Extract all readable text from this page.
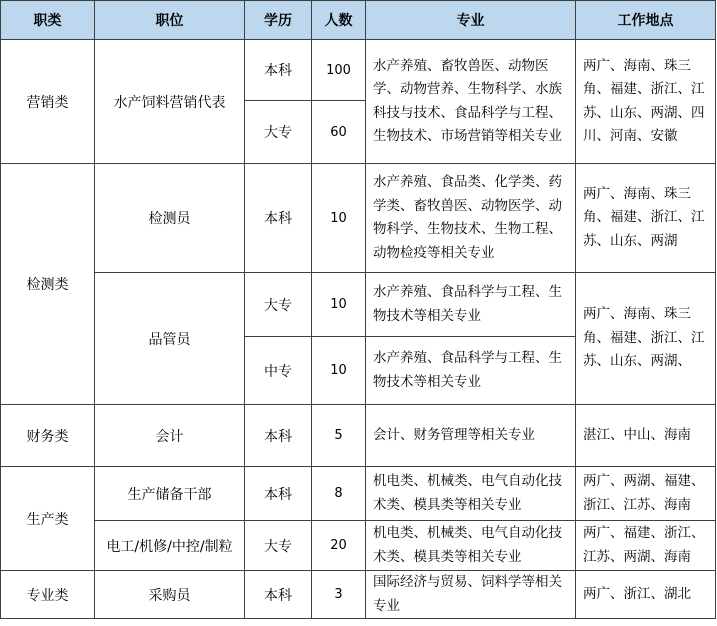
职类	职位	学历	人数	专业	工作地点
营销类	水产饲料营销代表	本科	100	水产养殖、畜牧兽医、动物医学、动物营养、生物科学、水族科技与技术、食品科学与工程、生物技术、市场营销等相关专业	两广、海南、珠三角、福建、浙江、江苏、山东、两湖、四川、河南、安徽
		大专	60		
检测类	检测员	本科	10	水产养殖、食品类、化学类、药学类、畜牧兽医、动物医学、动物科学、生物技术、生物工程、动物检疫等相关专业	两广、海南、珠三角、福建、浙江、江苏、山东、两湖
	品管员	大专	10	水产养殖、食品科学与工程、生物技术等相关专业	两广、海南、珠三角、福建、浙江、江苏、山东、两湖、
		中专	10	水产养殖、食品科学与工程、生物技术等相关专业	
财务类	会计	本科	5	会计、财务管理等相关专业	湛江、中山、海南
生产类	生产储备干部	本科	8	机电类、机械类、电气自动化技术类、模具类等相关专业	两广、两湖、福建、浙江、江苏、海南
	电工/机修/中控/制粒	大专	20	机电类、机械类、电气自动化技术类、模具类等相关专业	两广、福建、浙江、江苏、两湖、海南
专业类	采购员	本科	3	国际经济与贸易、饲料学等相关专业	两广、浙江、湖北
